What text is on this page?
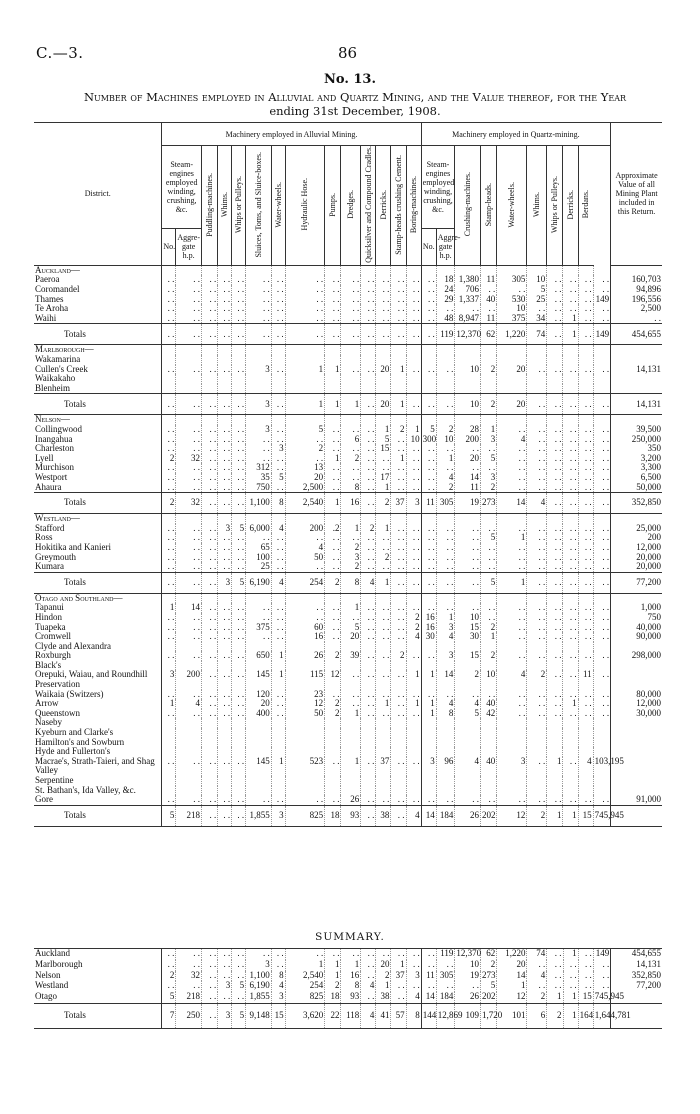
C.—3.	86
No. 13.
Number of Machines employed in Alluvial and Quartz Mining, and the Value thereof, for the Year
ending 31st December, 1908.
District.	Machinery employed in Alluvial Mining.														Machinery employed in Quartz-mining.										Approximate Value of all Mining Plant included in this Return.
	Steam-engines employed winding, crushing, &c.		Puddling-machines.	Whims.	Whips or Pulleys.	Sluices, Toms, and Sluice-boxes.	Water-wheels.	Hydraulic Hose.	Pumps.	Dredges.	Quicksilver and Compound Cradles.	Derricks.	Stamp-heads crushing Cement.	Boring-machines.	Steam-engines employed winding, crushing, &c.		Crushing-machines.	Stamp-heads.	Water-wheels.	Whims.	Whips or Pulleys.	Derricks.	Berdans.		
	No.	Aggre-gate h.p.													No.	Aggre-gate h.p.									
Auckland—																									
Paeroa	. .	. .	. .	. .	. .	. .	. .	. .	. .	. .	. .	. .	. .	. .	. .	18	1,380	11	305	10	. .	. .	. .	. .	160,703
Coromandel	. .	. .	. .	. .	. .	. .	. .	. .	. .	. .	. .	. .	. .	. .	. .	24	706	. .	. .	5	. .	. .	. .	. .	94,896
Thames	. .	. .	. .	. .	. .	. .	. .	. .	. .	. .	. .	. .	. .	. .	. .	29	1,337	40	530	25	. .	. .	. .	149	196,556
Te Aroha	. .	. .	. .	. .	. .	. .	. .	. .	. .	. .	. .	. .	. .	. .	. .	. .	. .	. .	10	. .	. .	. .	. .	. .	2,500
Waihi	. .	. .	. .	. .	. .	. .	. .	. .	. .	. .	. .	. .	. .	. .	. .	48	8,947	11	375	34	. .	1	. .	. .	. .
Totals	. .	. .	. .	. .	. .	. .	. .	. .	. .	. .	. .	. .	. .	. .	. .	119	12,370	62	1,220	74	. .	1	. .	149	454,655
Marlborough—																									
Wakamarina																									
Cullen's Creek	. .	. .	. .	. .	. .	3	. .	1	1	. .	. .	20	1	. .	. .	. .	10	2	20	. .	. .	. .	. .	. .	14,131
Waikakaho																									
Blenheim																									
Totals	. .	. .	. .	. .	. .	3	. .	1	1	1	. .	20	1	. .	. .	. .	10	2	20	. .	. .	. .	. .	. .	14,131
Nelson—																									
Collingwood	. .	. .	. .	. .	. .	3	. .	5	. .	. .	. .	1	2	1	5	2	28	1	. .	. .	. .	. .	. .	. .	39,500
Inangahua	. .	. .	. .	. .	. .	. .	. .	. .	. .	6	. .	5	. .	10	300	10	200	3	4	. .	. .	. .	. .	. .	250,000
Charleston	. .	. .	. .	. .	. .	. .	3	2	. .	. .	. .	15	. .	. .	. .	. .	. .	. .	. .	. .	. .	. .	. .	. .	350
Lyell	2	32	. .	. .	. .	. .	. .	. .	1	2	. .	. .	1	. .	. .	1	20	5	. .	. .	. .	. .	. .	. .	3,200
Murchison	. .	. .	. .	. .	. .	312	. .	13	. .	. .	. .	. .	. .	. .	. .	. .	. .	. .	. .	. .	. .	. .	. .	. .	3,300
Westport	. .	. .	. .	. .	. .	35	5	20	. .	. .	. .	17	. .	. .	. .	4	14	3	. .	. .	. .	. .	. .	. .	6,500
Ahaura	. .	. .	. .	. .	. .	750	. .	2,500	. .	8	. .	1	. .	. .	. .	2	11	2	. .	. .	. .	. .	. .	. .	50,000
Totals	2	32	. .	. .	. .	1,100	8	2,540	1	16	. .	2	37	3	11	305	19	273	14	4	. .	. .	. .	. .	352,850
Westland—																									
Stafford	. .	. .	. .	3	5	6,000	4	200	.2	1	2	1	. .	. .	. .	. .	. .	. .	. .	. .	. .	. .	. .	. .	25,000
Ross	. .	. .	. .	. .	. .	. .	. .	. .	. .	. .	. .	. .	. .	. .	. .	. .	. .	5	1	. .	. .	. .	. .	. .	200
Hokitika and Kanieri	. .	. .	. .	. .	. .	65	. .	4	. .	2	. .	. .	. .	. .	. .	. .	. .	. .	. .	. .	. .	. .	. .	. .	12,000
Greymouth	. .	. .	. .	. .	. .	100	. .	50	. .	3	. .	2	. .	. .	. .	. .	. .	. .	. .	. .	. .	. .	. .	. .	20,000
Kumara	. .	. .	. .	. .	. .	25	. .	. .	. .	2	. .	. .	. .	. .	. .	. .	. .	. .	. .	. .	. .	. .	. .	. .	20,000
Totals	. .	. .	. .	3	5	6,190	4	254	2	8	4	1	. .	. .	. .	. .	. .	5	1	. .	. .	. .	. .	. .	77,200
Otago and Southland—																									
Tapanui	1	14	. .	. .	. .	. .	. .	. .	. .	1	. .	. .	. .	. .	. .	. .	. .	. .	. .	. .	. .	. .	. .	. .	1,000
Hindon	. .	. .	. .	. .	. .	. .	. .	. .	. .	. .	. .	. .	. .	2	16	1	10	. .	. .	. .	. .	. .	. .	. .	750
Tuapeka	. .	. .	. .	. .	. .	375	. .	60	. .	5	. .	. .	. .	2	16	3	15	2	. .	. .	. .	. .	. .	. .	40,000
Cromwell	. .	. .	. .	. .	. .	. .	. .	16	. .	20	. .	. .	. .	4	30	4	30	1	. .	. .	. .	. .	. .	. .	90,000
Clyde and Alexandra																									
Roxburgh	. .	. .	. .	. .	. .	650	1	26	2	39	. .	. .	2	. .	. .	3	15	2	. .	. .	. .	. .	. .	. .	298,000
Black's																									
Orepuki, Waiau, and Roundhill Preservation	3	200	. .	. .	. .	145	1	115	12	. .	. .	. .	. .	1	1	14	2	10	4	2	. .	. .	11	. .	
Waikaia (Switzers)	. .	. .	. .	. .	. .	120	. .	23	. .	. .	. .	. .	. .	. .	. .	. .	. .	. .	. .	. .	. .	. .	. .	. .	80,000
Arrow	1	4	. .	. .	. .	20	. .	12	2	. .	. .	1	. .	1	1	4	4	40	. .	. .	. .	1	. .	. .	12,000
Queenstown	. .	. .	. .	. .	. .	400	. .	50	2	1	. .	. .	. .	. .	1	8	5	42	. .	. .	. .	. .	. .	. .	30,000
Naseby																									
Kyeburn and Clarke's																									
Hamilton's and Sowburn																									
Hyde and Fullerton's																									
Macrae's, Strath-Taieri, and Shag Valley	. .	. .	. .	. .	. .	145	1	523	. .	1	. .	37	. .	. .	3	96	4	40	3	. .	1	. .	4	103,195	
Serpentine																									
St. Bathan's, Ida Valley, &c.																									
Gore	. .	. .	. .	. .	. .	. .	. .	. .	. .	26	. .	. .	. .	. .	. .	. .	. .	. .	. .	. .	. .	. .	. .	. .	91,000
Totals	5	218	. .	. .	. .	1,855	3	825	18	93	. .	38	. .	4	14	184	26	202	12	2	1	1	15	745,945	
SUMMARY.
Auckland	. .	. .	. .	. .	. .	. .	. .	. .	. .	. .	. .	. .	. .	. .	. .	119	12,370	62	1,220	74	. .	1	. .	149	454,655
Marlborough	. .	. .	. .	. .	. .	3	. .	1	1	1	. .	20	1	. .	. .	. .	10	2	20	. .	. .	. .	. .	. .	14,131
Nelson	2	32	. .	. .	. .	1,100	8	2,540	1	16	. .	2	37	3	11	305	19	273	14	4	. .	. .	. .	. .	352,850
Westland	. .	. .	. .	3	5	6,190	4	254	2	8	4	1	. .	. .	. .	. .	. .	5	1	. .	. .	. .	. .	. .	77,200
Otago	5	218	. .	. .	. .	1,855	3	825	18	93	. .	38	. .	4	14	184	26	202	12	2	1	1	15	745,945	
Totals	7	250	. .	3	5	9,148	15	3,620	22	118	4	41	57	8	144	12,869	109	1,720	101	6	2	1	164	1,644,781	
